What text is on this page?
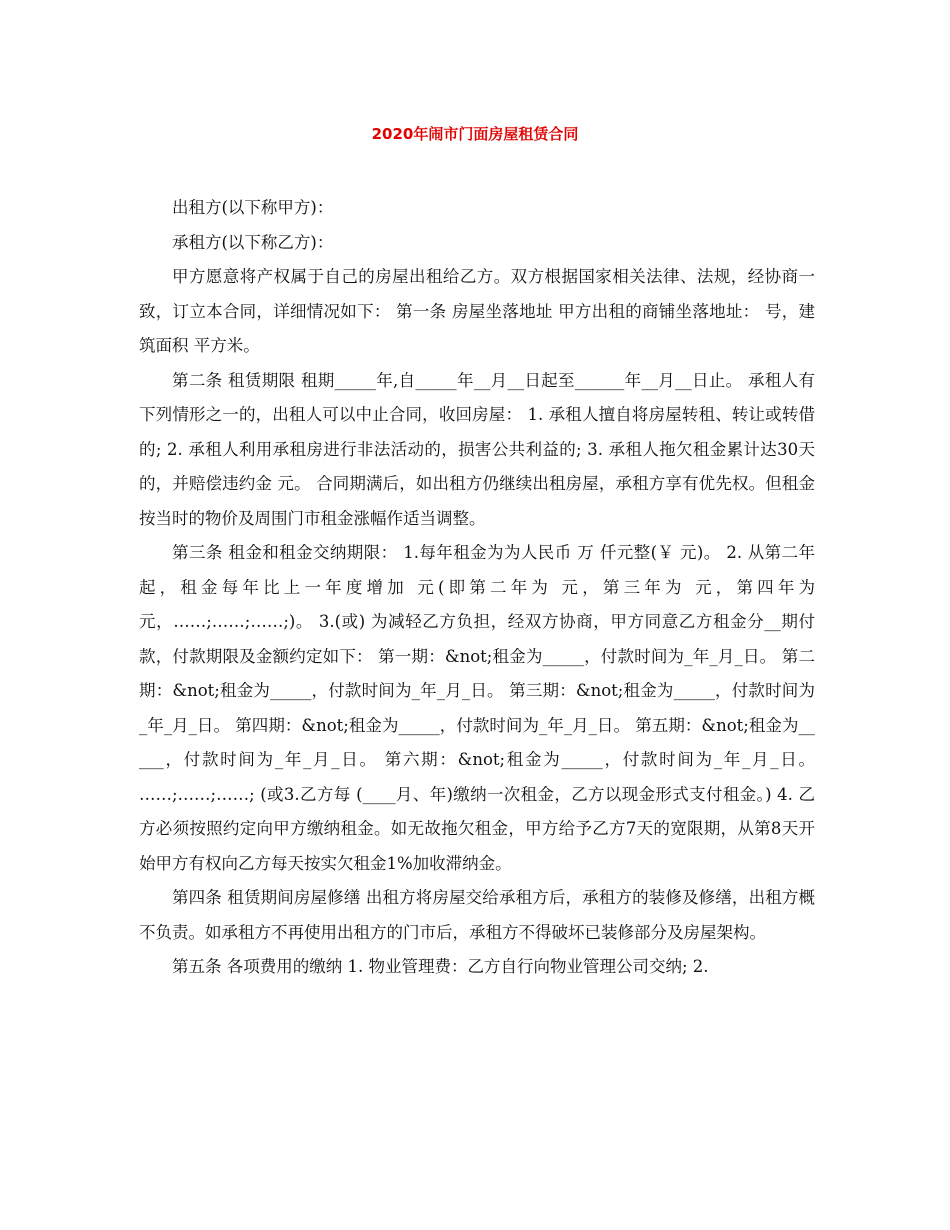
2020年闹市门面房屋租赁合同

出租方(以下称甲方)：

承租方(以下称乙方)：

甲方愿意将产权属于自己的房屋出租给乙方。双方根据国家相关法律、法规，经协商一致，订立本合同，详细情况如下： 第一条 房屋坐落地址 甲方出租的商铺坐落地址： 号，建筑面积 平方米。

第二条 租赁期限 租期_____年,自_____年__月__日起至______年__月__日止。 承租人有下列情形之一的，出租人可以中止合同，收回房屋： 1. 承租人擅自将房屋转租、转让或转借的; 2. 承租人利用承租房进行非法活动的，损害公共利益的; 3. 承租人拖欠租金累计达30天的，并赔偿违约金 元。 合同期满后，如出租方仍继续出租房屋，承租方享有优先权。但租金按当时的物价及周围门市租金涨幅作适当调整。

第三条 租金和租金交纳期限： 1.每年租金为为人民币 万 仟元整(￥ 元)。 2. 从第二年起，租金每年比上一年度增加 元(即第二年为 元，第三年为 元，第四年为 元，……;……;……;)。 3.(或) 为减轻乙方负担，经双方协商，甲方同意乙方租金分__期付款，付款期限及金额约定如下： 第一期：&not;租金为_____，付款时间为_年_月_日。 第二期：&not;租金为_____，付款时间为_年_月_日。 第三期：&not;租金为_____，付款时间为_年_月_日。 第四期：&not;租金为_____，付款时间为_年_月_日。 第五期：&not;租金为_____，付款时间为_年_月_日。 第六期：&not;租金为_____，付款时间为_年_月_日。 ……;……;……; (或3.乙方每 (____月、年)缴纳一次租金，乙方以现金形式支付租金。) 4. 乙方必须按照约定向甲方缴纳租金。如无故拖欠租金，甲方给予乙方7天的宽限期，从第8天开始甲方有权向乙方每天按实欠租金1%加收滞纳金。

第四条 租赁期间房屋修缮 出租方将房屋交给承租方后，承租方的装修及修缮，出租方概不负责。如承租方不再使用出租方的门市后，承租方不得破坏已装修部分及房屋架构。

第五条 各项费用的缴纳 1. 物业管理费：乙方自行向物业管理公司交纳; 2.
